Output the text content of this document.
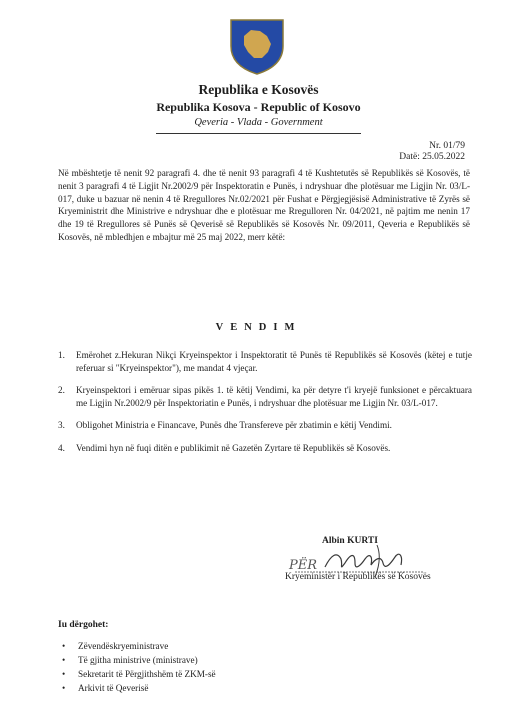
★ ★ ★ ★ ★ ★
Republika e Kosovës
Republika Kosova - Republic of Kosovo
Qeveria - Vlada - Government
Nr. 01/79
Datë: 25.05.2022
Në mbështetje të nenit 92 paragrafi 4. dhe të nenit 93 paragrafi 4 të Kushtetutës së Republikës së Kosovës, të nenit 3 paragrafi 4 të Ligjit Nr.2002/9 për Inspektoratin e Punës, i ndryshuar dhe plotësuar me Ligjin Nr. 03/L-017, duke u bazuar në nenin 4 të Rregullores Nr.02/2021 për Fushat e Përgjegjësisë Administrative të Zyrës së Kryeministrit dhe Ministrive e ndryshuar dhe e plotësuar me Rregulloren Nr. 04/2021, në pajtim me nenin 17 dhe 19 të Rregullores së Punës së Qeverisë së Republikës së Kosovës Nr. 09/2011, Qeveria e Republikës së Kosovës, në mbledhjen e mbajtur më 25 maj 2022, merr këtë:
VENDIM
1. Emërohet z.Hekuran Nikçi Kryeinspektor i Inspektoratit të Punës të Republikës së Kosovës (këtej e tutje referuar si "Kryeinspektor"), me mandat 4 vjeçar.
2. Kryeinspektori i emëruar sipas pikës 1. të këtij Vendimi, ka për detyre t'i kryejë funksionet e përcaktuara me Ligjin Nr.2002/9 për Inspektoriatin e Punës, i ndryshuar dhe plotësuar me Ligjin Nr. 03/L-017.
3. Obligohet Ministria e Financave, Punës dhe Transfereve për zbatimin e këtij Vendimi.
4. Vendimi hyn në fuqi ditën e publikimit në Gazetën Zyrtare të Republikës së Kosovës.
Albin KURTI
PËR
Kryeministër i Republikës së Kosovës
Iu dërgohet:
• Zëvendëskryeministrave
• Të gjitha ministrive (ministrave)
• Sekretarit të Përgjithshëm të ZKM-së
• Arkivit të Qeverisë
